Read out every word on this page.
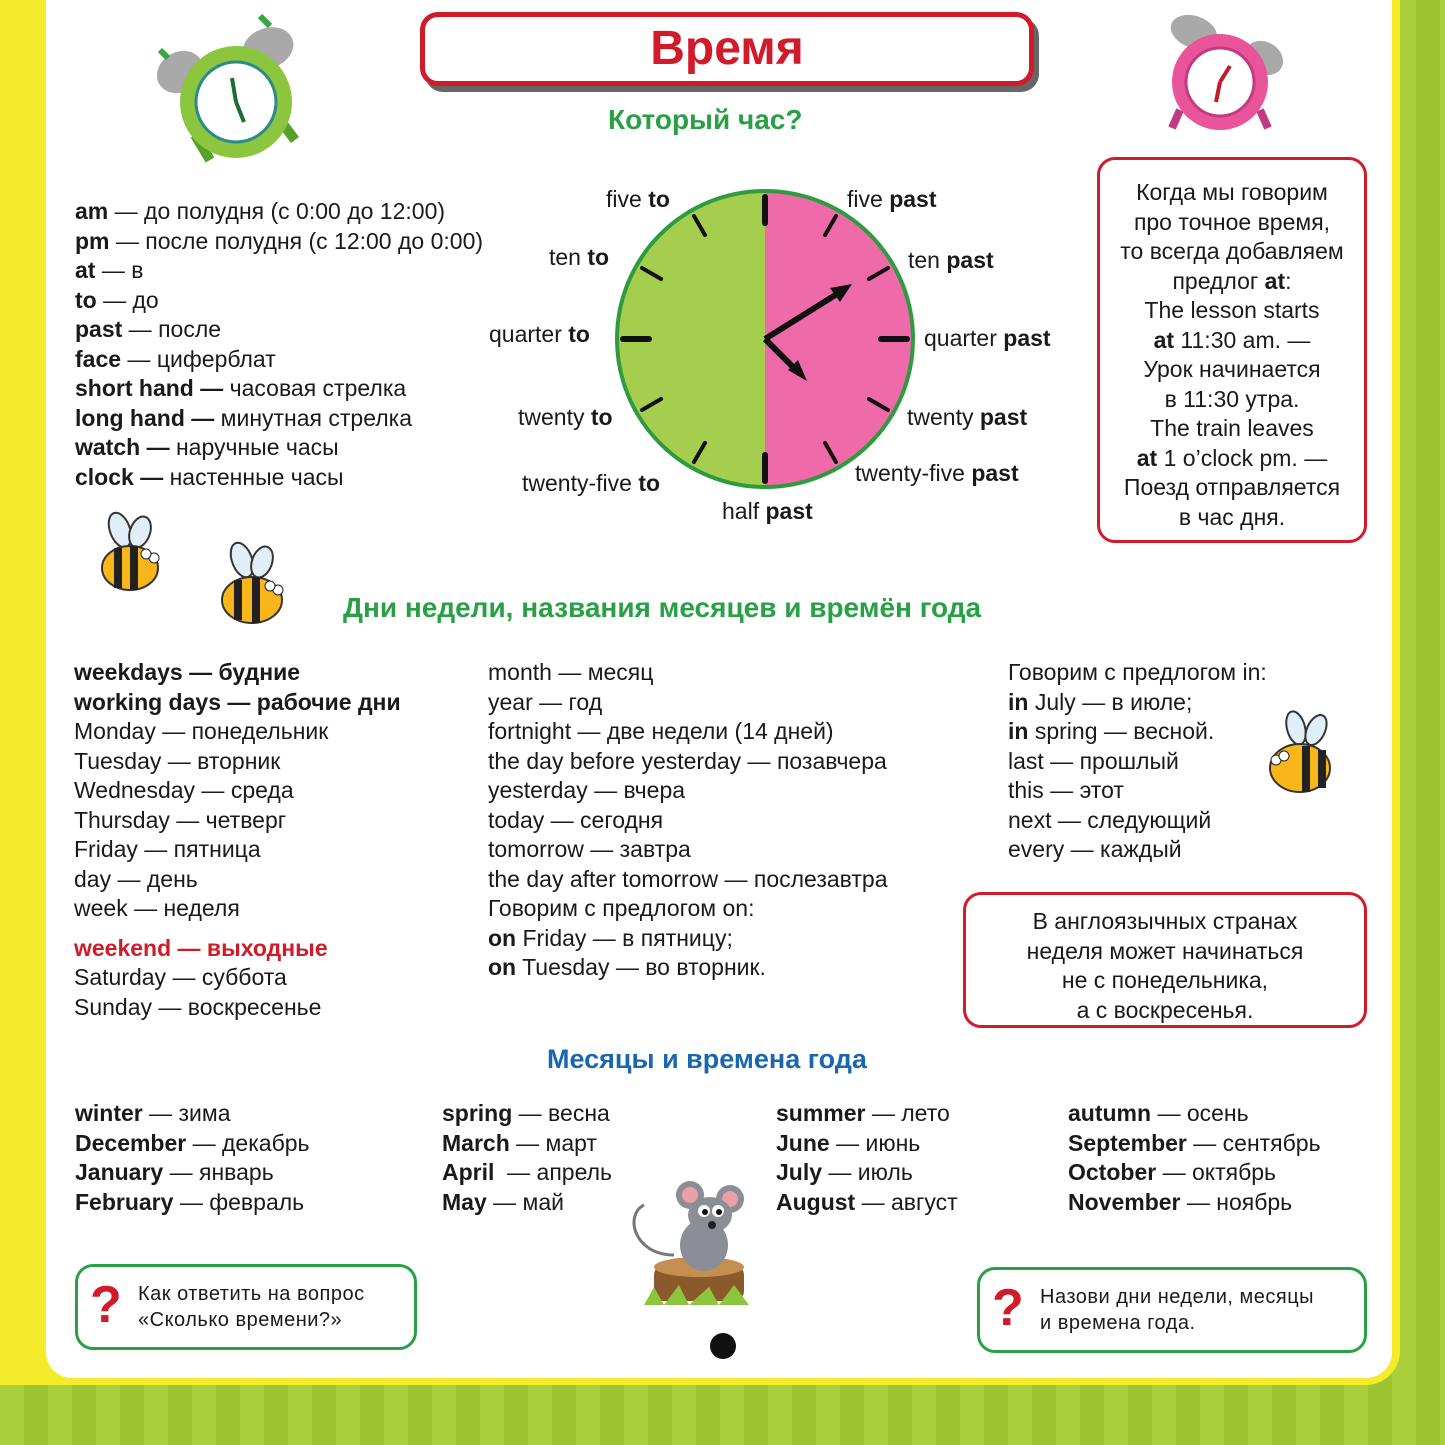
Время
Который час?
am — до полудня (с 0:00 до 12:00)
pm — после полудня (с 12:00 до 0:00)
at — в
to — до
past — после
face — циферблат
short hand — часовая стрелка
long hand — минутная стрелка
watch — наручные часы
clock — настенные часы
five to
ten to
quarter to
twenty to
twenty-five to
half past
five past
ten past
quarter past
twenty past
twenty-five past
Когда мы говорим
про точное время,
то всегда добавляем
предлог at:
The lesson starts
at 11:30 am. —
Урок начинается
в 11:30 утра.
The train leaves
at 1 o’clock pm. —
Поезд отправляется
в час дня.
Дни недели, названия месяцев и времён года
weekdays — будние
working days — рабочие дни
Monday — понедельник
Tuesday — вторник
Wednesday — среда
Thursday — четверг
Friday — пятница
day — день
week — неделя
weekend — выходные
Saturday — суббота
Sunday — воскресенье
month — месяц
year — год
fortnight — две недели (14 дней)
the day before yesterday — позавчера
yesterday — вчера
today — сегодня
tomorrow — завтра
the day after tomorrow — послезавтра
Говорим с предлогом on:
on Friday — в пятницу;
on Tuesday — во вторник.
Говорим с предлогом in:
in July — в июле;
in spring — весной.
last — прошлый
this — этот
next — следующий
every — каждый
В англоязычных странах
неделя может начинаться
не с понедельника,
а с воскресенья.
Месяцы и времена года
winter — зима
December — декабрь
January — январь
February — февраль
spring — весна
March — март
April  — апрель
May — май
summer — лето
June — июнь
July — июль
August — август
autumn — осень
September — сентябрь
October — октябрь
November — ноябрь
? Как ответить на вопрос
«Сколько времени?»	? Назови дни недели, месяцы
и времена года.
